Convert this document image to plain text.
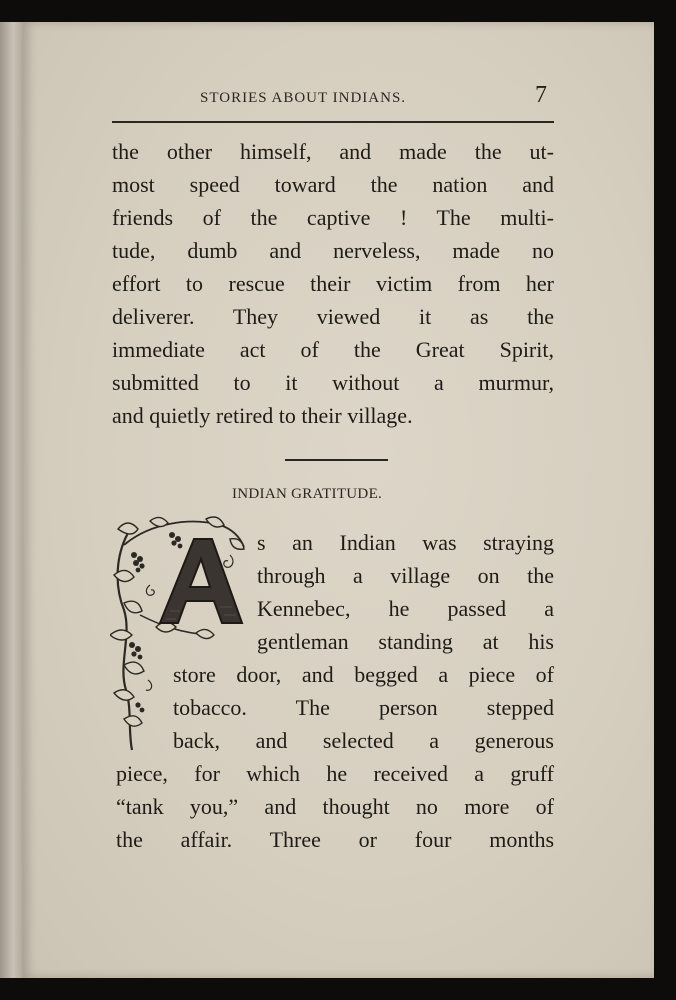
STORIES ABOUT INDIANS.	7
the other himself, and made the ut-
most speed toward the nation and
friends of the captive ! The multi-
tude, dumb and nerveless, made no
effort to rescue their victim from her
deliverer. They viewed it as the
immediate act of the Great Spirit,
submitted to it without a murmur,
and quietly retired to their village.
INDIAN GRATITUDE.
s an Indian was straying
through a village on the
Kennebec, he passed a
gentleman standing at his
store door, and begged a piece of
tobacco. The person stepped
back, and selected a generous
piece, for which he received a gruff
“tank you,” and thought no more of
the affair. Three or four months
